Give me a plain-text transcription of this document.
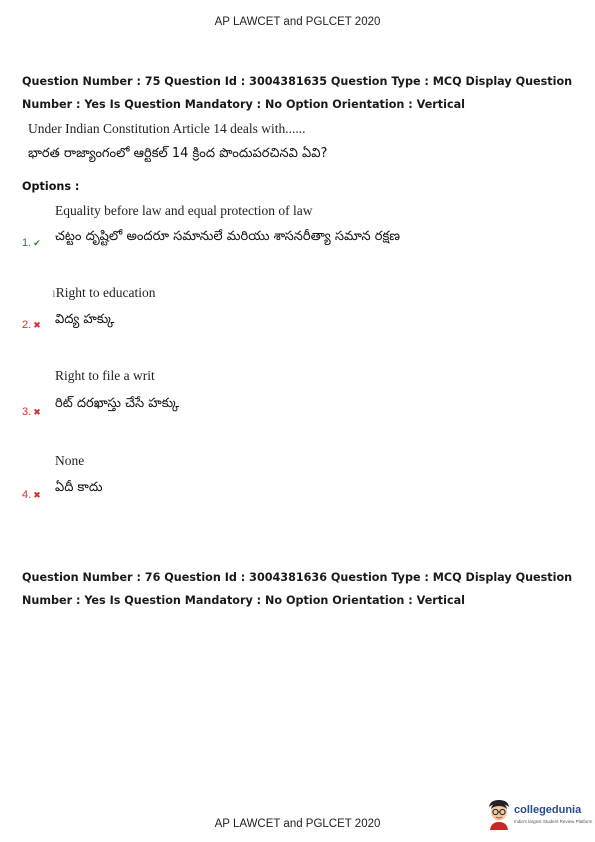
AP LAWCET and PGLCET 2020
Question Number : 75 Question Id : 3004381635 Question Type : MCQ Display Question
Number : Yes Is Question Mandatory : No Option Orientation : Vertical
Under Indian Constitution Article 14 deals with......
భారత రాజ్యాంగంలో ఆర్టికల్ 14 క్రింద పొందుపరచినవి ఏవి?
Options :
Equality before law and equal protection of law
1. ✔ చట్టం దృష్టిలో అందరూ సమానులే మరియు శాసనరీత్యా సమాన రక్షణ
ıRight to education
2. ✖ విద్య హక్కు
Right to file a writ
3. ✖
రిట్ దరఖాస్తు చేసే హక్కు
None
4. ✖ ఏదీ కాదు
Question Number : 76 Question Id : 3004381636 Question Type : MCQ Display Question
Number : Yes Is Question Mandatory : No Option Orientation : Vertical
AP LAWCET and PGLCET 2020
collegedunia
India's largest Student Review Platform
